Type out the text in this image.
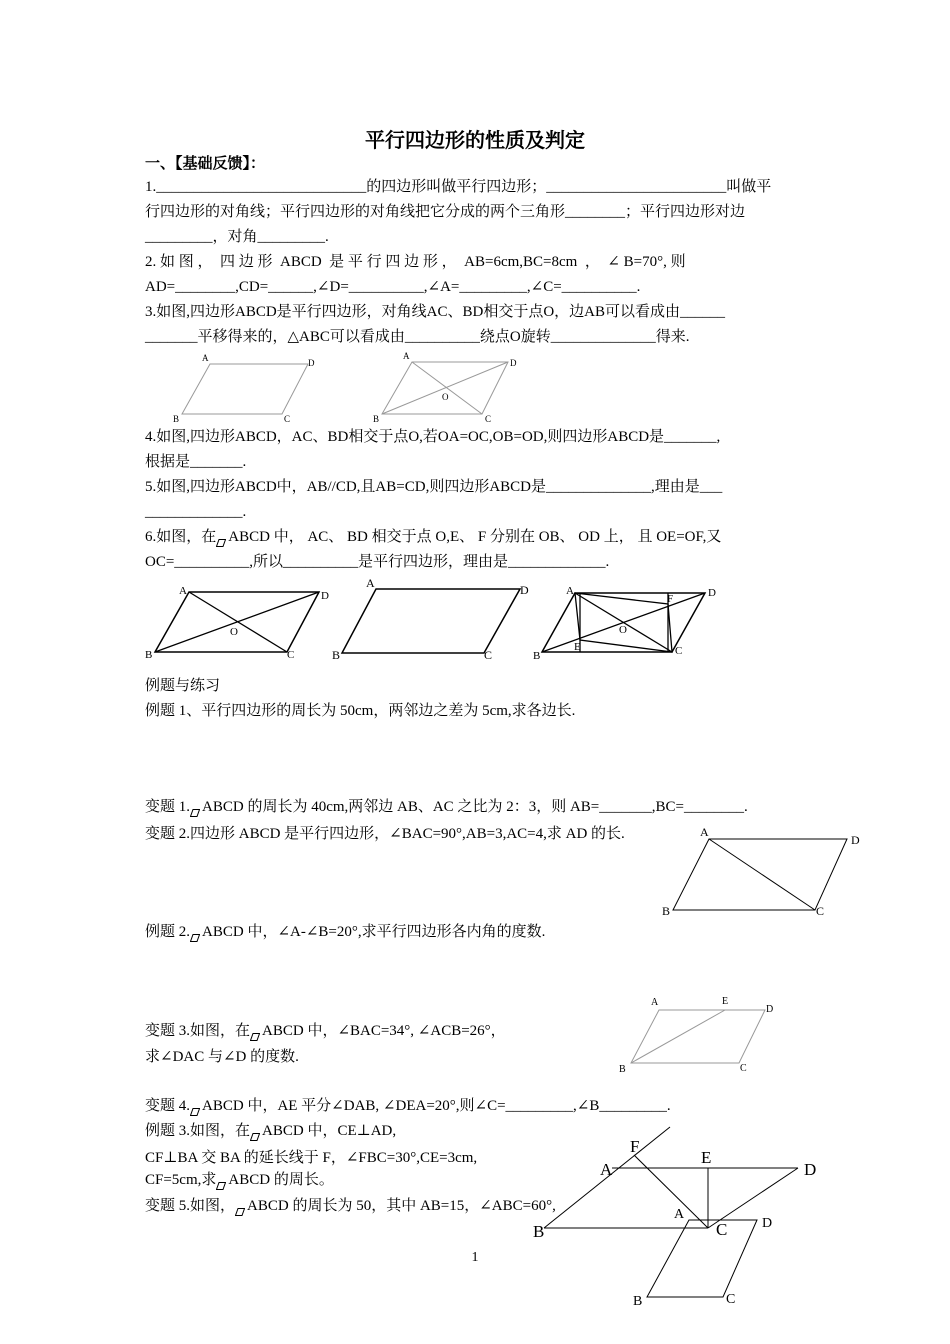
平行四边形的性质及判定
一、【基础反馈】：
1.____________________________的四边形叫做平行四边形；________________________叫做平
行四边形的对角线；平行四边形的对角线把它分成的两个三角形________；平行四边形对边
_________，对角_________.
2. 如 图 ，  四 边 形  ABCD  是 平 行 四 边 形 ，  AB=6cm,BC=8cm  ，  ∠ B=70°, 则
AD=________,CD=______,∠D=__________,∠A=_________,∠C=__________.
3.如图,四边形ABCD是平行四边形，对角线AC、BD相交于点O，边AB可以看成由______
_______平移得来的，△ABC可以看成由__________绕点O旋转______________得来.
A	D
B	C
A
D
B	C
O
4.如图,四边形ABCD，AC、BD相交于点O,若OA=OC,OB=OD,则四边形ABCD是_______,
根据是_______.
5.如图,四边形ABCD中，AB//CD,且AB=CD,则四边形ABCD是______________,理由是___
_____________.
6.如图，在 ABCD 中， AC、 BD 相交于点 O,E、 F 分别在 OB、 OD 上， 且 OE=OF,又
OC=__________,所以__________是平行四边形，理由是_____________.
A	D
B	C
O
A	D
B	C
A	D
B	C
O
E
F
例题与练习
例题 1、平行四边形的周长为 50cm，两邻边之差为 5cm,求各边长.
变题 1. ABCD 的周长为 40cm,两邻边 AB、AC 之比为 2：3，则 AB=_______,BC=________.
变题 2.四边形 ABCD 是平行四边形，∠BAC=90°,AB=3,AC=4,求 AD 的长.	A
D
B	C
例题 2. ABCD 中，∠A-∠B=20°,求平行四边形各内角的度数.
A	E
D
B	C
变题 3.如图，在 ABCD 中，∠BAC=34°, ∠ACB=26°，
求∠DAC 与∠D 的度数.
变题 4. ABCD 中，AE 平分∠DAB, ∠DEA=20°,则∠C=_________,∠B_________.
例题 3.如图，在 ABCD 中，CE⊥AD,
CF⊥BA 交 BA 的延长线于 F，∠FBC=30°,CE=3cm,
CF=5cm,求 ABCD 的周长。
变题 5.如图， ABCD 的周长为 50，其中 AB=15，∠ABC=60°,
F
E
A	D
B	C
A
D
B	C
1
